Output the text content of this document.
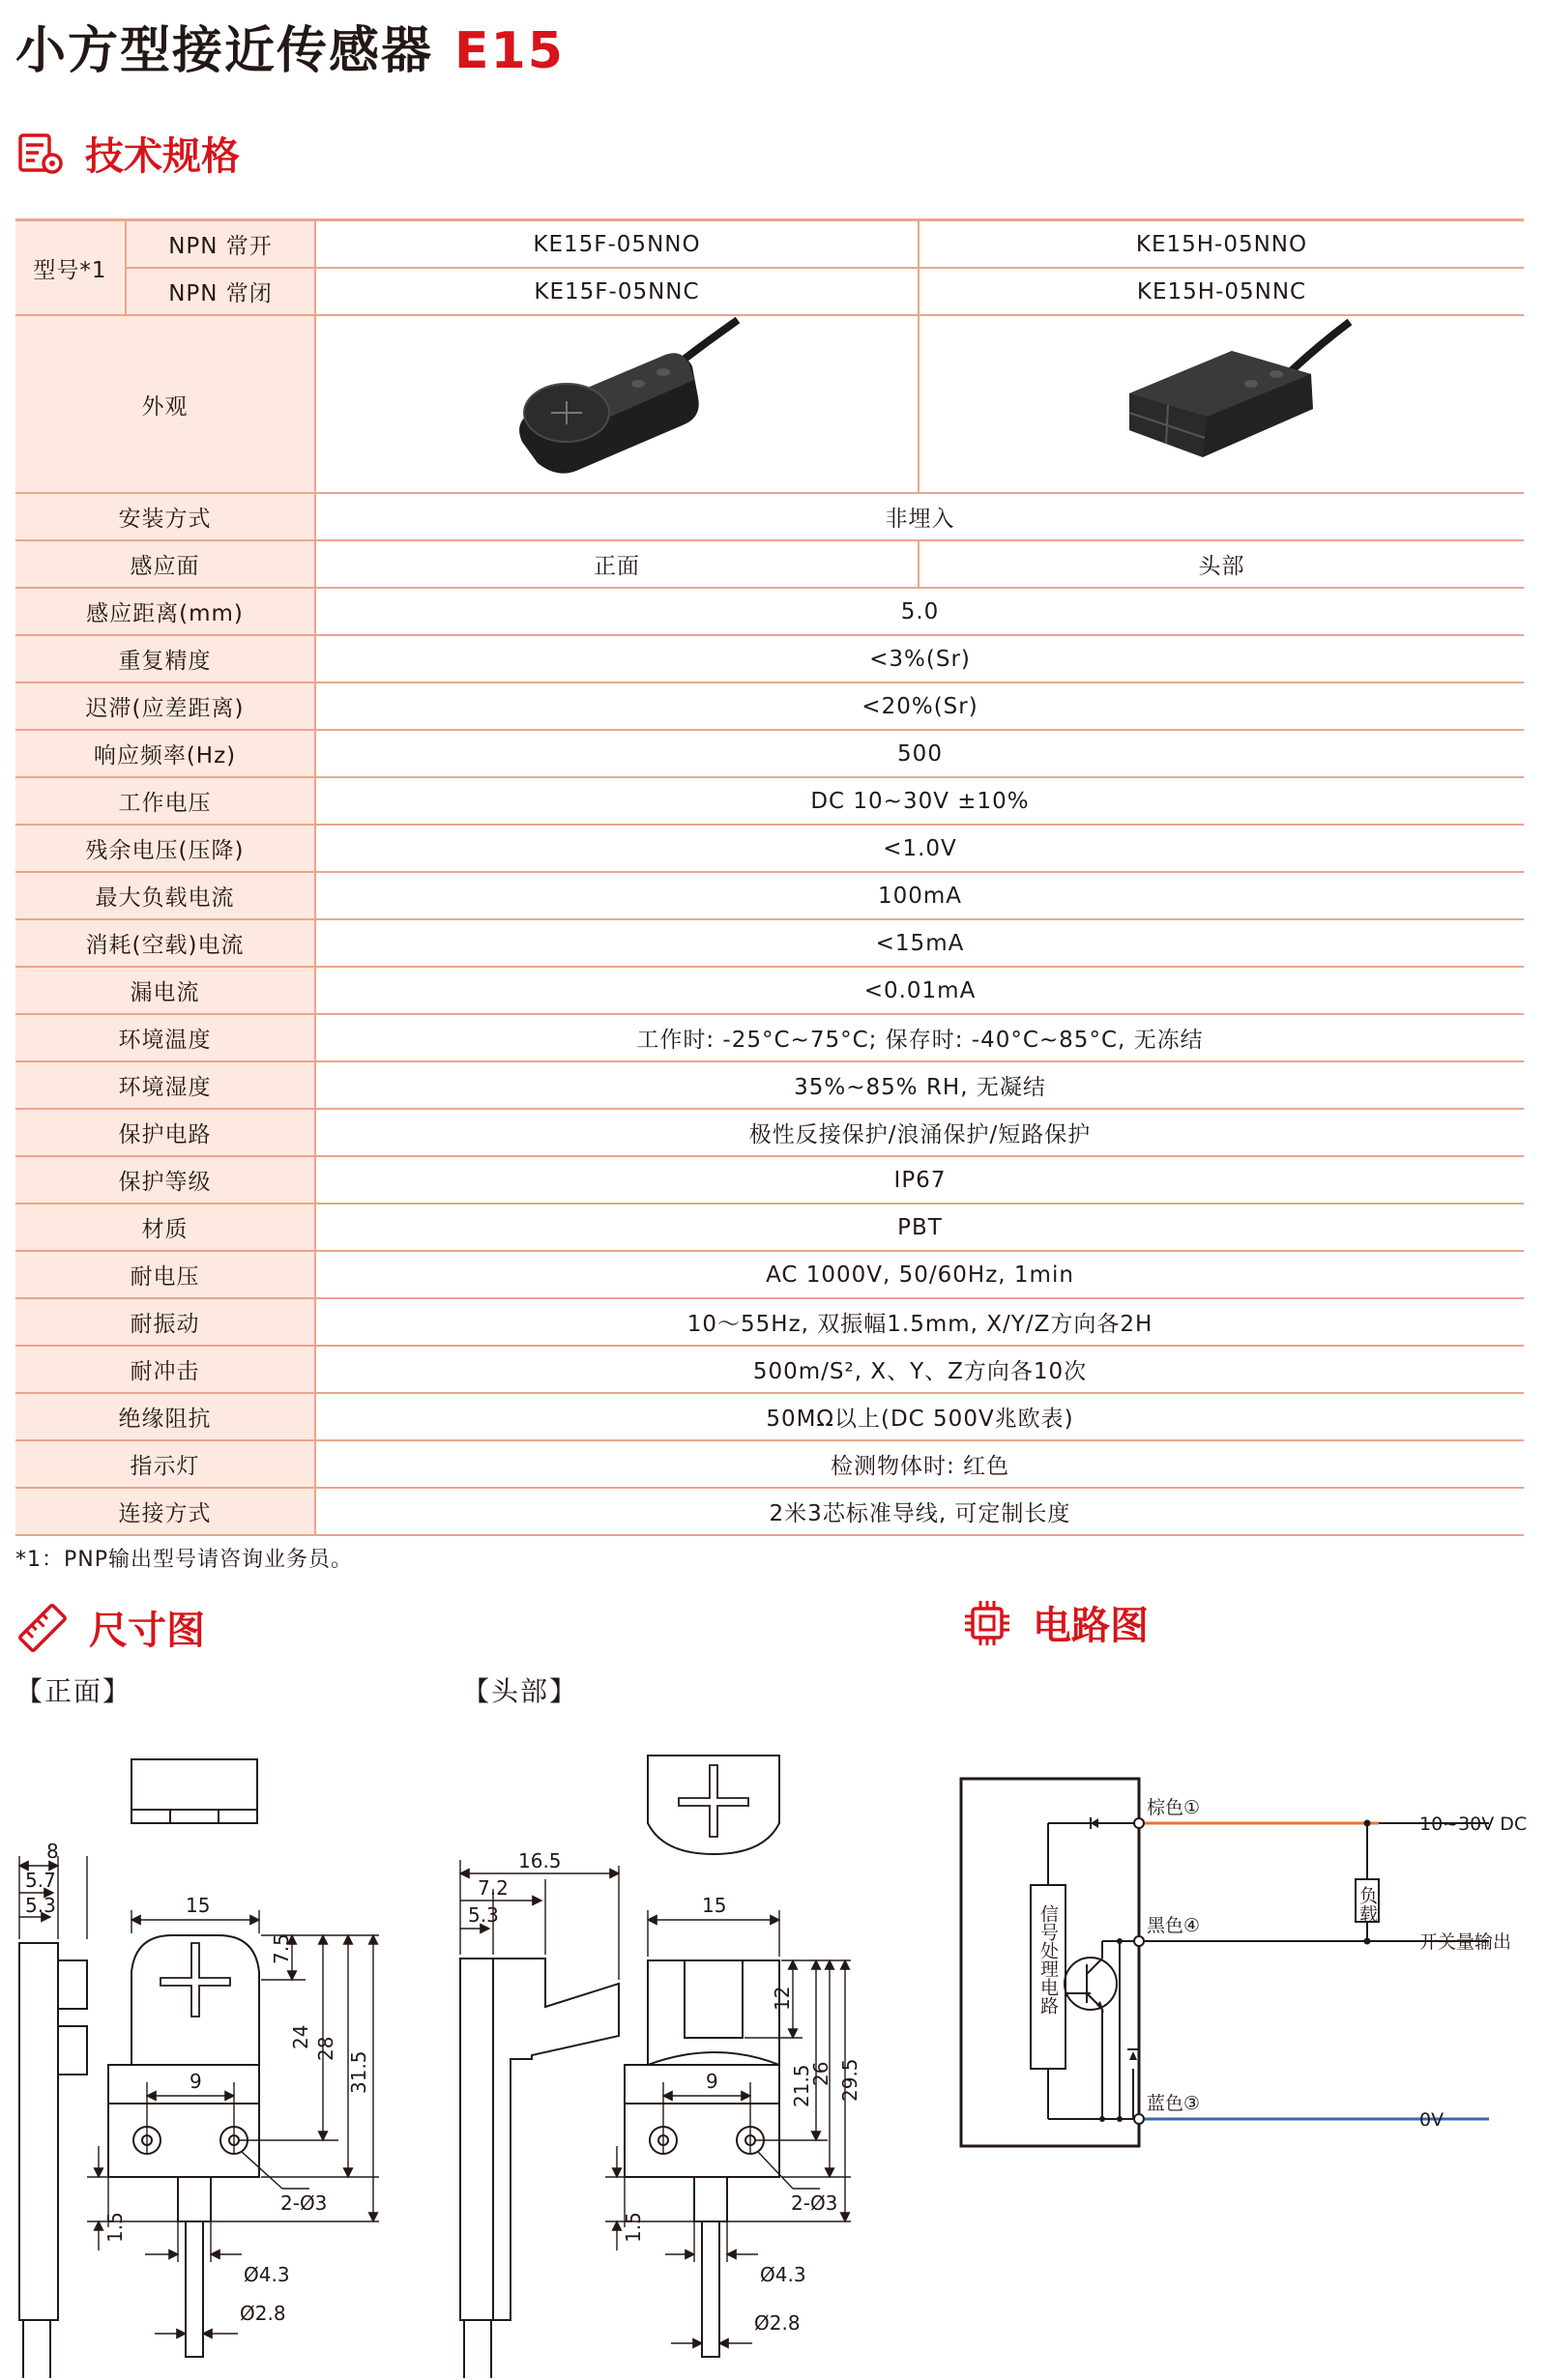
小方型接近传感器 E15
技术规格
型号*1	NPN 常开	KE15F-05NNO	KE15H-05NNO
	NPN 常闭	KE15F-05NNC	KE15H-05NNC
外观		
安装方式		非埋入	
感应面		正面	头部
感应距离(mm)		5.0	
重复精度		<3%(Sr)	
迟滞(应差距离)		<20%(Sr)	
响应频率(Hz)		500	
工作电压		DC 10~30V ±10%	
残余电压(压降)		<1.0V	
最大负载电流		100mA	
消耗(空载)电流		<15mA	
漏电流		<0.01mA	
环境温度		工作时: -25°C~75°C; 保存时: -40°C~85°C, 无冻结	
环境湿度		35%~85% RH, 无凝结	
保护电路		极性反接保护/浪涌保护/短路保护	
保护等级		IP67	
材质		PBT	
耐电压		AC 1000V, 50/60Hz, 1min	
耐振动		10～55Hz, 双振幅1.5mm, X/Y/Z方向各2H	
耐冲击		500m/S², X、Y、Z方向各10次	
绝缘阻抗		50MΩ以上(DC 500V兆欧表)	
指示灯		检测物体时: 红色	
连接方式		2米3芯标准导线, 可定制长度	
*1：PNP输出型号请咨询业务员。
尺寸图	电路图
【正面】	【头部】
8
5.7
5.3	15
7.5
24 28
31.5
9
2-Ø3
1.5
Ø4.3
Ø2.8
16.5
7.2
5.3	15
12
21.5
26 29.5
9
2-Ø3
1.5
Ø4.3
Ø2.8
棕色①
黑色④
蓝色③
10~30V DC
开关量输出
0V
负载
信号处理电路
